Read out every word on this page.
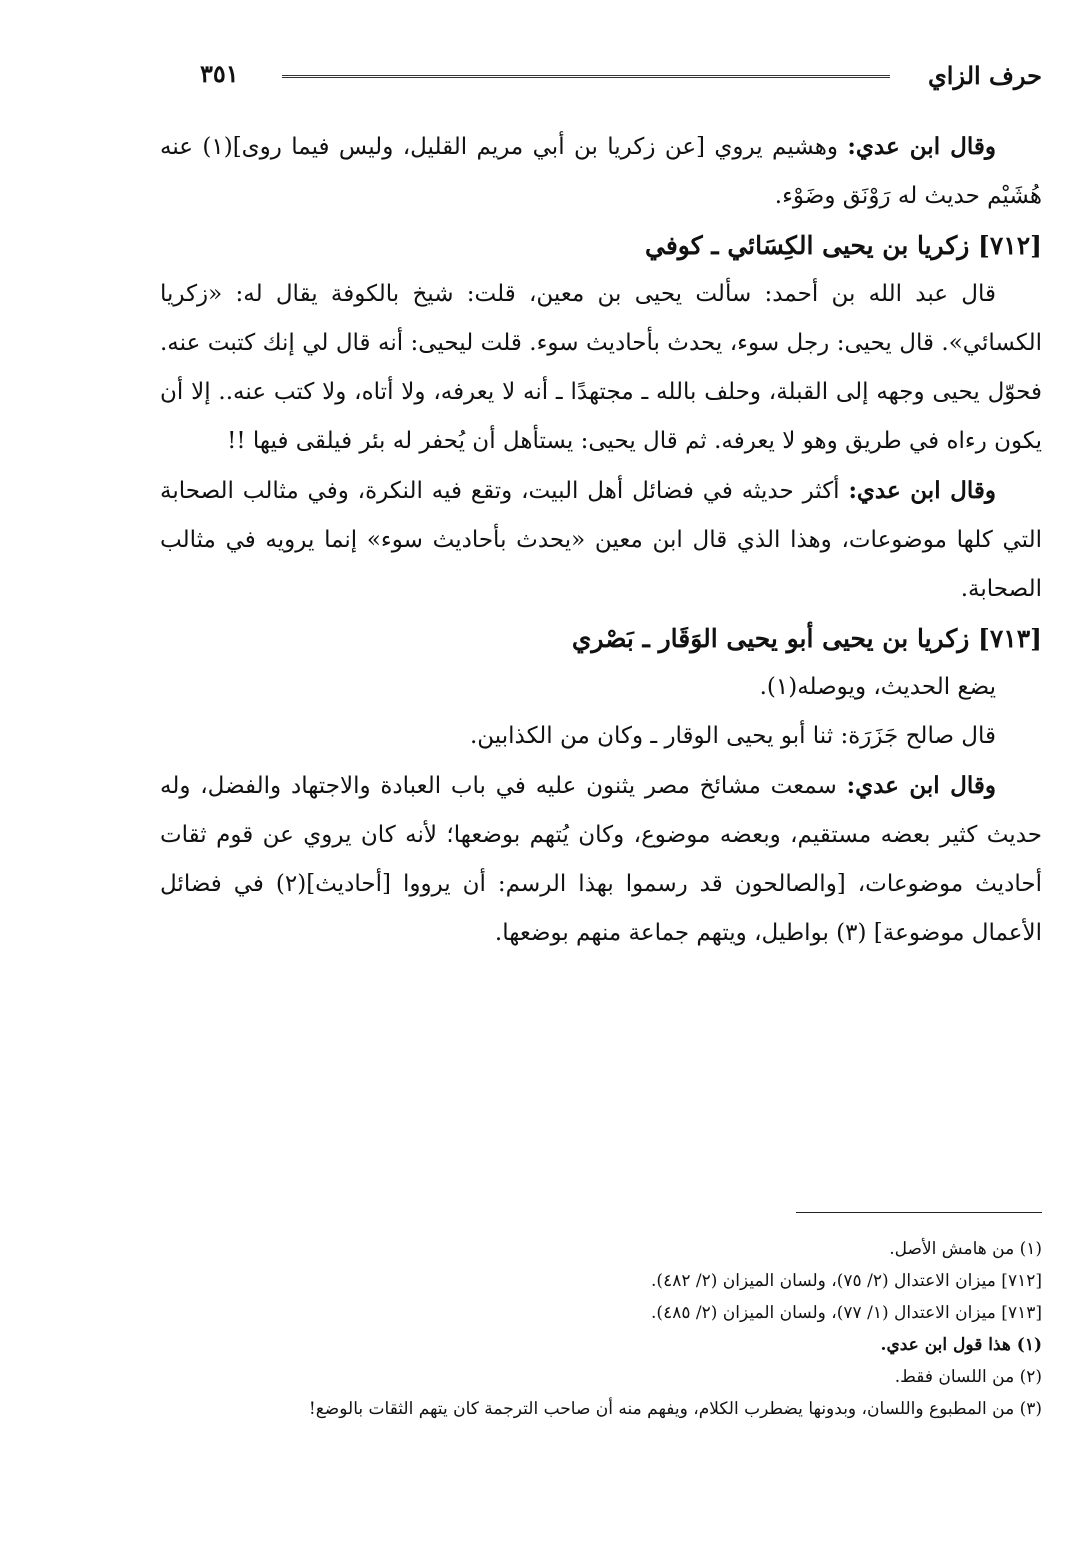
حرف الزاي
٣٥١

وقال ابن عدي: وهشيم يروي [عن زكريا بن أبي مريم القليل، وليس فيما روى](١) عنه هُشَيْم حديث له رَوْنَق وضَوْء.

[٧١٢] زكريا بن يحيى الكِسَائي ـ كوفي

قال عبد الله بن أحمد: سألت يحيى بن معين، قلت: شيخ بالكوفة يقال له: «زكريا الكسائي». قال يحيى: رجل سوء، يحدث بأحاديث سوء. قلت ليحيى: أنه قال لي إنك كتبت عنه. فحوّل يحيى وجهه إلى القبلة، وحلف بالله ـ مجتهدًا ـ أنه لا يعرفه، ولا أتاه، ولا كتب عنه.. إلا أن يكون رءاه في طريق وهو لا يعرفه. ثم قال يحيى: يستأهل أن يُحفر له بئر فيلقى فيها !!

وقال ابن عدي: أكثر حديثه في فضائل أهل البيت، وتقع فيه النكرة، وفي مثالب الصحابة التي كلها موضوعات، وهذا الذي قال ابن معين «يحدث بأحاديث سوء» إنما يرويه في مثالب الصحابة.

[٧١٣] زكريا بن يحيى أبو يحيى الوَقَار ـ بَصْري

يضع الحديث، ويوصله(١).

قال صالح جَزَرَة: ثنا أبو يحيى الوقار ـ وكان من الكذابين.

وقال ابن عدي: سمعت مشائخ مصر يثنون عليه في باب العبادة والاجتهاد والفضل، وله حديث كثير بعضه مستقيم، وبعضه موضوع، وكان يُتهم بوضعها؛ لأنه كان يروي عن قوم ثقات أحاديث موضوعات، [والصالحون قد رسموا بهذا الرسم: أن يرووا [أحاديث](٢) في فضائل الأعمال موضوعة] (٣) بواطيل، ويتهم جماعة منهم بوضعها.

(١) من هامش الأصل.

[٧١٢] ميزان الاعتدال (٢/ ٧٥)، ولسان الميزان (٢/ ٤٨٢).

[٧١٣] ميزان الاعتدال (١/ ٧٧)، ولسان الميزان (٢/ ٤٨٥).

(١) هذا قول ابن عدي.

(٢) من اللسان فقط.

(٣) من المطبوع واللسان، وبدونها يضطرب الكلام، ويفهم منه أن صاحب الترجمة كان يتهم الثقات بالوضع!
